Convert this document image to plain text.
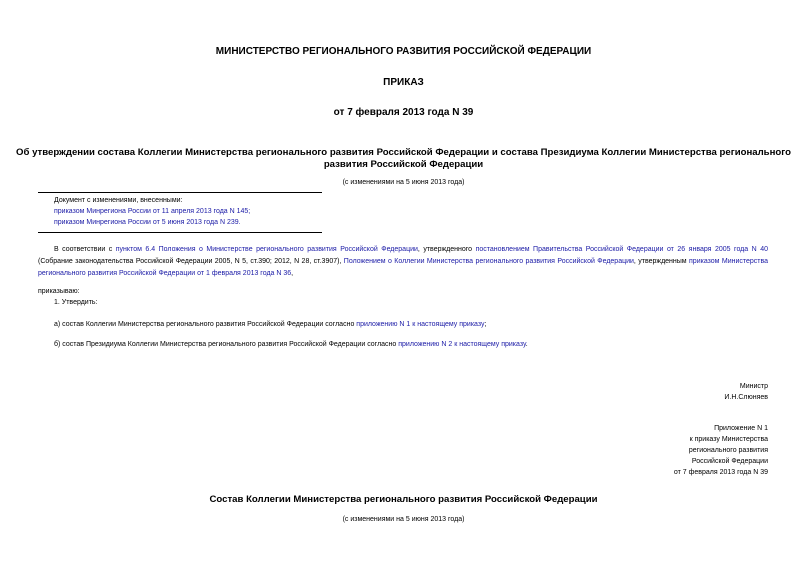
МИНИСТЕРСТВО РЕГИОНАЛЬНОГО РАЗВИТИЯ РОССИЙСКОЙ ФЕДЕРАЦИИ
ПРИКАЗ
от 7 февраля 2013 года N 39
Об утверждении состава Коллегии Министерства регионального развития Российской Федерации и состава Президиума Коллегии Министерства регионального
развития Российской Федерации
(с изменениями на 5 июня 2013 года)
Документ с изменениями, внесенными:
приказом Минрегиона России от 11 апреля 2013 года N 145;
приказом Минрегиона России от 5 июня 2013 года N 239.
В соответствии с пунктом 6.4 Положения о Министерстве регионального развития Российской Федерации, утвержденного постановлением Правительства Российской Федерации от 26 января 2005 года N 40 (Собрание законодательства Российской Федерации 2005, N 5, ст.390; 2012, N 28, ст.3907), Положением о Коллегии Министерства регионального развития Российской Федерации, утвержденным приказом Министерства регионального развития Российской Федерации от 1 февраля 2013 года N 36,
приказываю:
1. Утвердить:
а) состав Коллегии Министерства регионального развития Российской Федерации согласно приложению N 1 к настоящему приказу;
б) состав Президиума Коллегии Министерства регионального развития Российской Федерации согласно приложению N 2 к настоящему приказу.
Министр
И.Н.Слюняев
Приложение N 1
к приказу Министерства
регионального развития
Российской Федерации
от 7 февраля 2013 года N 39
Состав Коллегии Министерства регионального развития Российской Федерации
(с изменениями на 5 июня 2013 года)
